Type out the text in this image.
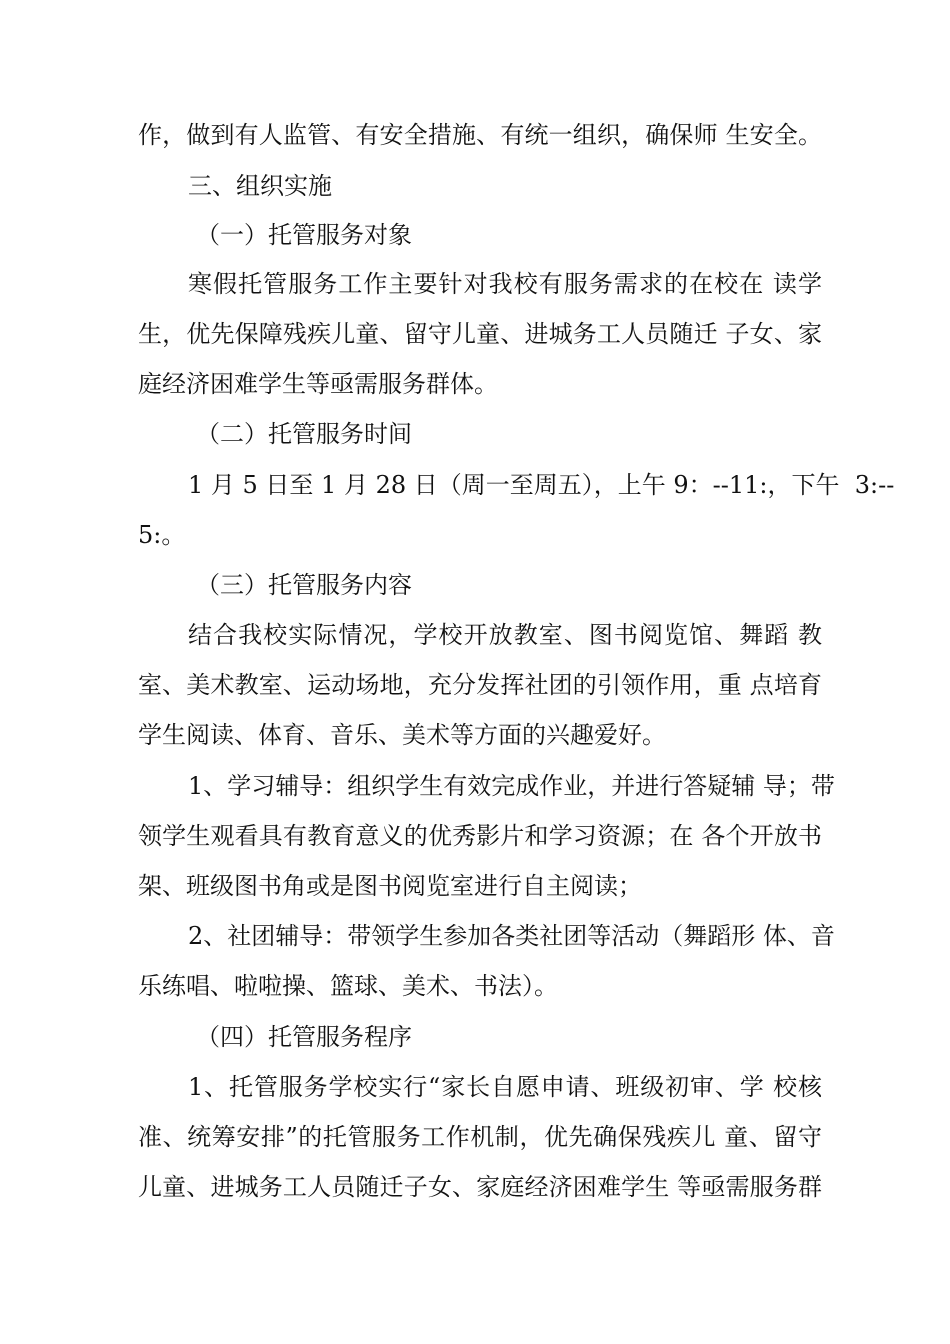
作，做到有人监管、有安全措施、有统一组织，确保师 生安全。
三、组织实施
（一）托管服务对象
寒假托管服务工作主要针对我校有服务需求的在校在 读学
生，优先保障残疾儿童、留守儿童、进城务工人员随迁 子女、家
庭经济困难学生等亟需服务群体。
（二）托管服务时间
1 月 5 日至 1 月 28 日（周一至周五），上午 9：--11:，下午  3:--
5:。
（三）托管服务内容
结合我校实际情况，学校开放教室、图书阅览馆、舞蹈 教
室、美术教室、运动场地，充分发挥社团的引领作用，重 点培育
学生阅读、体育、音乐、美术等方面的兴趣爱好。
1、学习辅导：组织学生有效完成作业，并进行答疑辅 导；带
领学生观看具有教育意义的优秀影片和学习资源；在 各个开放书
架、班级图书角或是图书阅览室进行自主阅读；
2、社团辅导：带领学生参加各类社团等活动（舞蹈形 体、音
乐练唱、啦啦操、篮球、美术、书法）。
（四）托管服务程序
1、托管服务学校实行“家长自愿申请、班级初审、学 校核
准、统筹安排”的托管服务工作机制，优先确保残疾儿 童、留守
儿童、进城务工人员随迁子女、家庭经济困难学生 等亟需服务群
